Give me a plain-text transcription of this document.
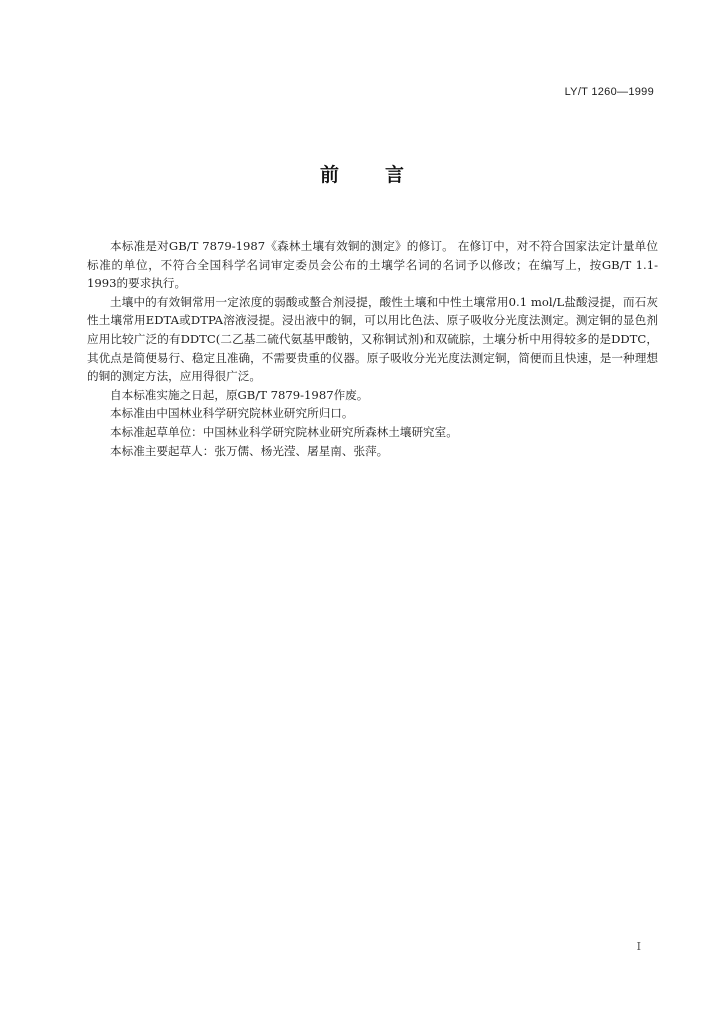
LY/T 1260—1999
前 言

本标准是对GB/T 7879-1987《森林土壤有效铜的测定》的修订。 在修订中，对不符合国家法定计量单位标准的单位，不符合全国科学名词审定委员会公布的土壤学名词的名词予以修改；在编写上，按GB/T 1.1-1993的要求执行。

土壤中的有效铜常用一定浓度的弱酸或螯合剂浸提，酸性土壤和中性土壤常用0.1 mol/L盐酸浸提，而石灰性土壤常用EDTA或DTPA溶液浸提。浸出液中的铜，可以用比色法、原子吸收分光度法测定。测定铜的显色剂应用比较广泛的有DDTC(二乙基二硫代氨基甲酸钠，又称铜试剂)和双硫腙，土壤分析中用得较多的是DDTC，其优点是简便易行、稳定且准确，不需要贵重的仪器。原子吸收分光光度法测定铜，简便而且快速，是一种理想的铜的测定方法，应用得很广泛。

自本标准实施之日起，原GB/T 7879-1987作废。

本标准由中国林业科学研究院林业研究所归口。

本标准起草单位：中国林业科学研究院林业研究所森林土壤研究室。

本标准主要起草人：张万儒、杨光滢、屠星南、张萍。

I
